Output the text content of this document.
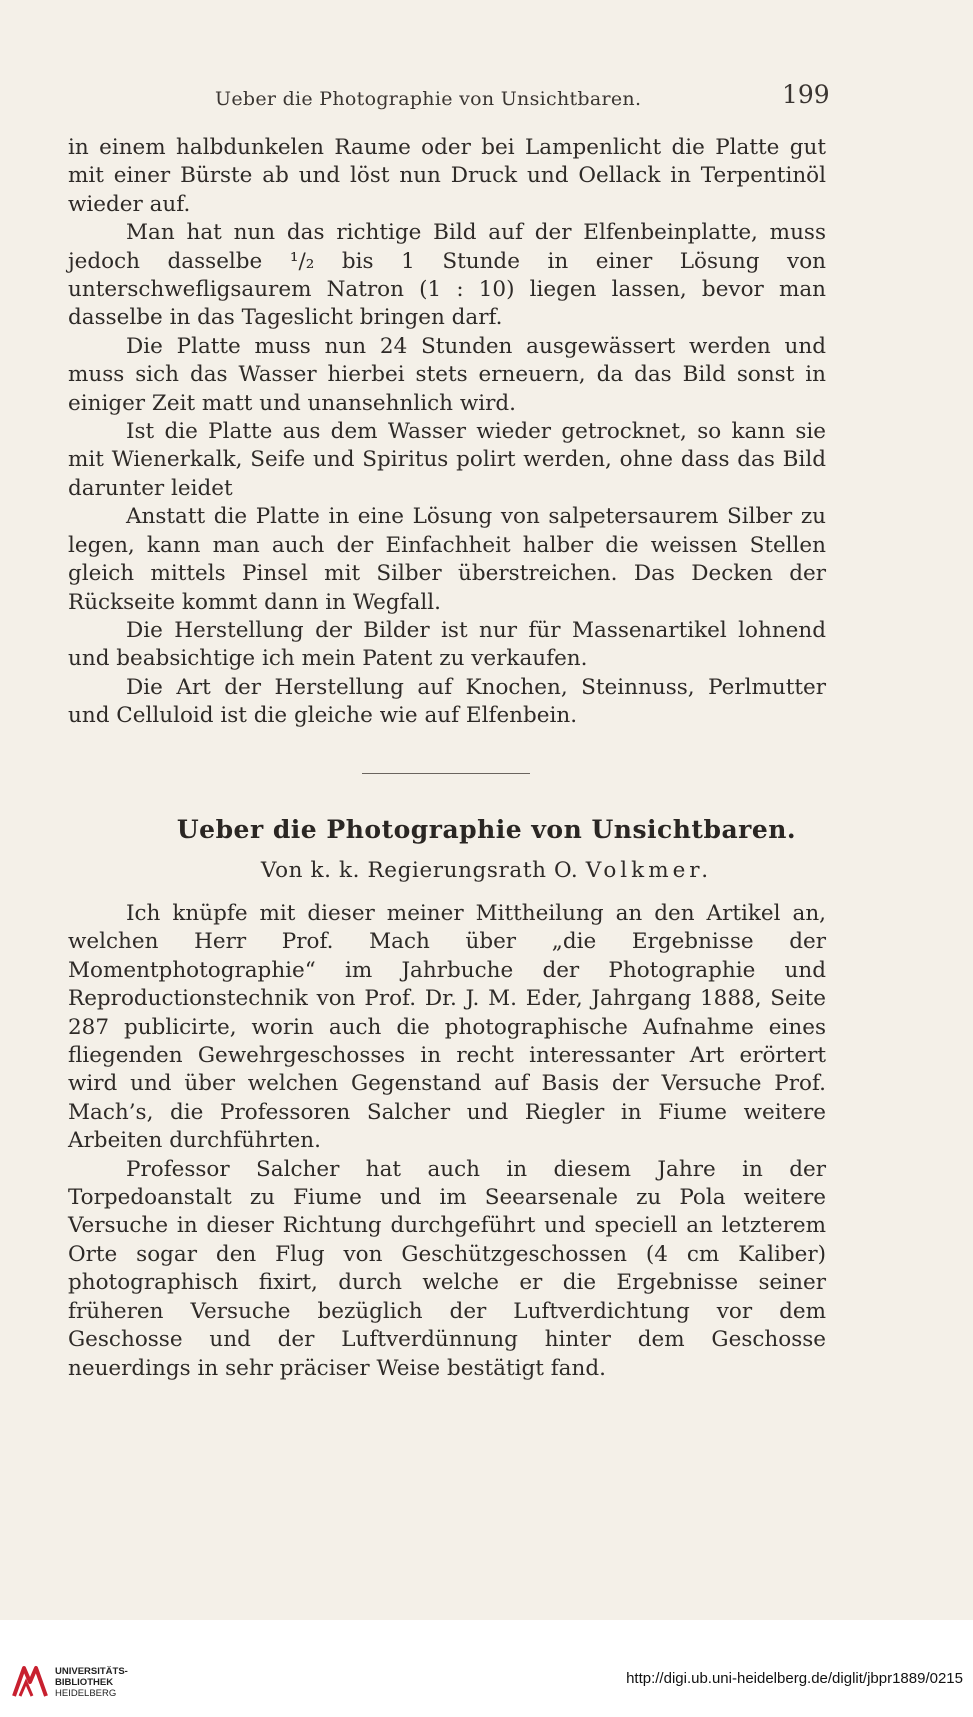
Ueber die Photographie von Unsichtbaren.	199

in einem halbdunkelen Raume oder bei Lampenlicht die Platte gut mit einer Bürste ab und löst nun Druck und Oellack in Terpentinöl wieder auf.

Man hat nun das richtige Bild auf der Elfenbeinplatte, muss jedoch dasselbe ¹/₂ bis 1 Stunde in einer Lösung von unterschwefligsaurem Natron (1 : 10) liegen lassen, bevor man dasselbe in das Tageslicht bringen darf.

Die Platte muss nun 24 Stunden ausgewässert werden und muss sich das Wasser hierbei stets erneuern, da das Bild sonst in einiger Zeit matt und unansehnlich wird.

Ist die Platte aus dem Wasser wieder getrocknet, so kann sie mit Wienerkalk, Seife und Spiritus polirt werden, ohne dass das Bild darunter leidet

Anstatt die Platte in eine Lösung von salpetersaurem Silber zu legen, kann man auch der Einfachheit halber die weissen Stellen gleich mittels Pinsel mit Silber überstreichen. Das Decken der Rückseite kommt dann in Wegfall.

Die Herstellung der Bilder ist nur für Massenartikel lohnend und beabsichtige ich mein Patent zu verkaufen.

Die Art der Herstellung auf Knochen, Steinnuss, Perlmutter und Celluloid ist die gleiche wie auf Elfenbein.

Ueber die Photographie von Unsichtbaren.
Von k. k. Regierungsrath O. Volkmer.

Ich knüpfe mit dieser meiner Mittheilung an den Artikel an, welchen Herr Prof. Mach über „die Ergebnisse der Momentphotographie“ im Jahrbuche der Photographie und Reproductionstechnik von Prof. Dr. J. M. Eder, Jahrgang 1888, Seite 287 publicirte, worin auch die photographische Aufnahme eines fliegenden Gewehrgeschosses in recht interessanter Art erörtert wird und über welchen Gegenstand auf Basis der Versuche Prof. Mach’s, die Professoren Salcher und Riegler in Fiume weitere Arbeiten durchführten.

Professor Salcher hat auch in diesem Jahre in der Torpedoanstalt zu Fiume und im Seearsenale zu Pola weitere Versuche in dieser Richtung durchgeführt und speciell an letzterem Orte sogar den Flug von Geschützgeschossen (4 cm Kaliber) photographisch fixirt, durch welche er die Ergebnisse seiner früheren Versuche bezüglich der Luftverdichtung vor dem Geschosse und der Luftverdünnung hinter dem Geschosse neuerdings in sehr präciser Weise bestätigt fand.

UNIVERSITÄTS-
BIBLIOTHEK
HEIDELBERG
http://digi.ub.uni-heidelberg.de/diglit/jbpr1889/0215
